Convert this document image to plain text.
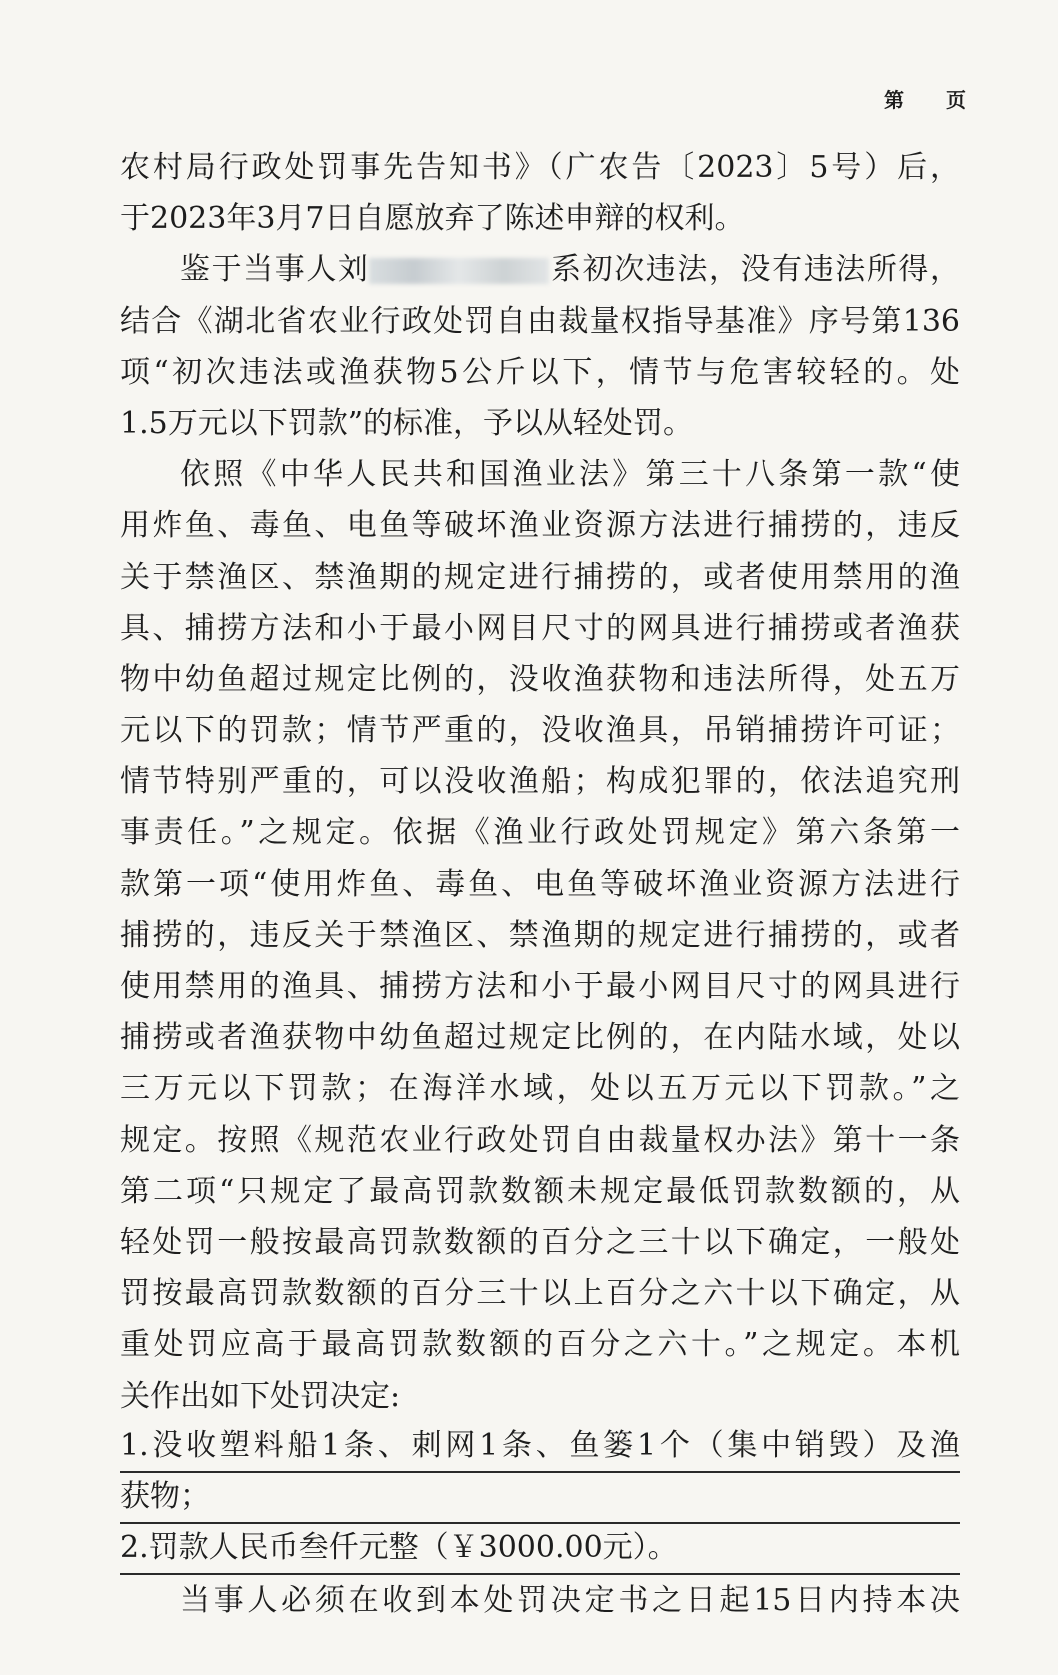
第 页
农村局行政处罚事先告知书》（广农告〔2023〕5号）后，
于2023年3月7日自愿放弃了陈述申辩的权利。
鉴于当事人刘	系初次违法，没有违法所得，
结合《湖北省农业行政处罚自由裁量权指导基准》序号第136
项“初次违法或渔获物5公斤以下，情节与危害较轻的。处
1.5万元以下罚款”的标准，予以从轻处罚。
依照《中华人民共和国渔业法》第三十八条第一款“使
用炸鱼、毒鱼、电鱼等破坏渔业资源方法进行捕捞的，违反
关于禁渔区、禁渔期的规定进行捕捞的，或者使用禁用的渔
具、捕捞方法和小于最小网目尺寸的网具进行捕捞或者渔获
物中幼鱼超过规定比例的，没收渔获物和违法所得，处五万
元以下的罚款；情节严重的，没收渔具，吊销捕捞许可证；
情节特别严重的，可以没收渔船；构成犯罪的，依法追究刑
事责任。”之规定。依据《渔业行政处罚规定》第六条第一
款第一项“使用炸鱼、毒鱼、电鱼等破坏渔业资源方法进行
捕捞的，违反关于禁渔区、禁渔期的规定进行捕捞的，或者
使用禁用的渔具、捕捞方法和小于最小网目尺寸的网具进行
捕捞或者渔获物中幼鱼超过规定比例的，在内陆水域，处以
三万元以下罚款；在海洋水域，处以五万元以下罚款。”之
规定。按照《规范农业行政处罚自由裁量权办法》第十一条
第二项“只规定了最高罚款数额未规定最低罚款数额的，从
轻处罚一般按最高罚款数额的百分之三十以下确定，一般处
罚按最高罚款数额的百分三十以上百分之六十以下确定，从
重处罚应高于最高罚款数额的百分之六十。”之规定。本机
关作出如下处罚决定:
1.没收塑料船1条、刺网1条、鱼篓1个（集中销毁）及渔
获物；
2.罚款人民币叁仟元整（￥3000.00元）。
当事人必须在收到本处罚决定书之日起15日内持本决
